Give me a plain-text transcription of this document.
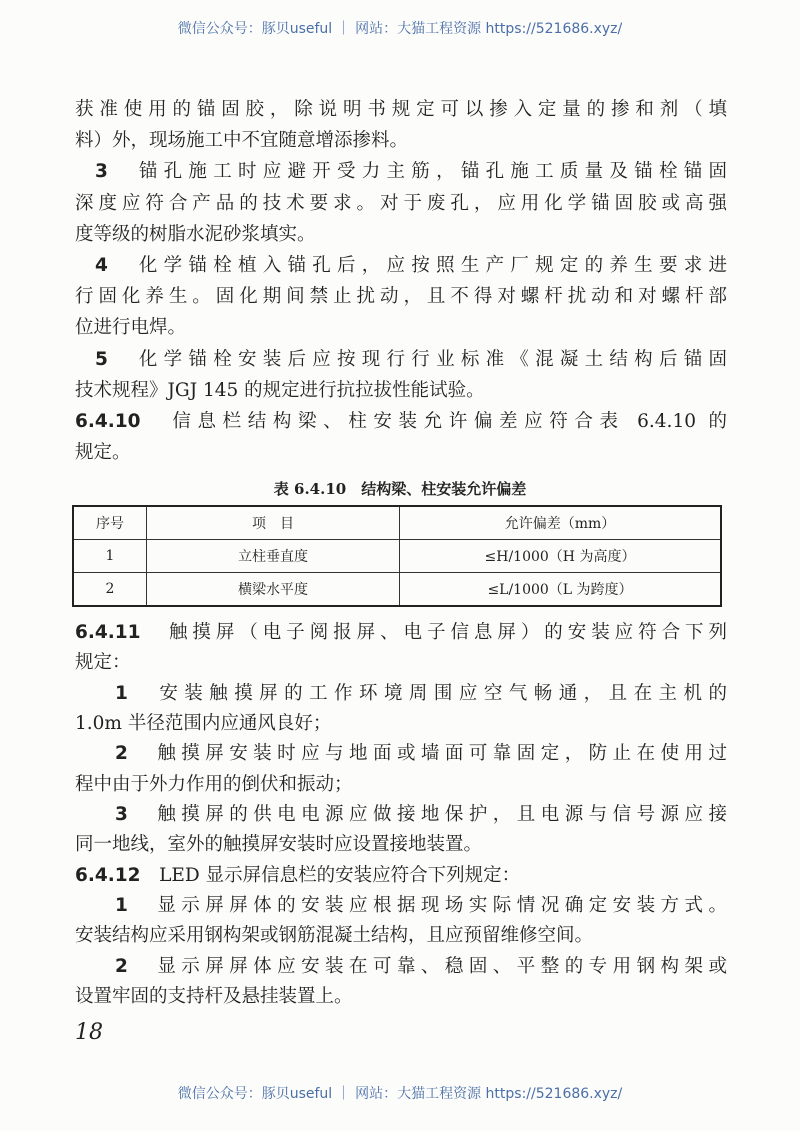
微信公众号：豚贝useful ｜ 网站：大猫工程资源 https://521686.xyz/
获准使用的锚固胶，除说明书规定可以掺入定量的掺和剂（填
料）外，现场施工中不宜随意增添掺料。
3　 锚孔施工时应避开受力主筋，锚孔施工质量及锚栓锚固
深度应符合产品的技术要求。对于废孔，应用化学锚固胶或高强
度等级的树脂水泥砂浆填实。
4　 化学锚栓植入锚孔后，应按照生产厂规定的养生要求进
行固化养生。固化期间禁止扰动，且不得对螺杆扰动和对螺杆部
位进行电焊。
5　 化学锚栓安装后应按现行行业标准《混凝土结构后锚固
技术规程》JGJ 145 的规定进行抗拉拔性能试验。
6.4.10　 信息栏结构梁、柱安装允许偏差应符合表 6.4.10 的
规定。
表 6.4.10　结构梁、柱安装允许偏差
序号	项　目	允许偏差（mm）
1	立柱垂直度	≤H/1000（H 为高度）
2	横梁水平度	≤L/1000（L 为跨度）
6.4.11　 触摸屏（电子阅报屏、电子信息屏）的安装应符合下列
规定：
1　 安装触摸屏的工作环境周围应空气畅通，且在主机的
1.0m 半径范围内应通风良好；
2　 触摸屏安装时应与地面或墙面可靠固定，防止在使用过
程中由于外力作用的倒伏和振动；
3　 触摸屏的供电电源应做接地保护，且电源与信号源应接
同一地线，室外的触摸屏安装时应设置接地装置。
6.4.12　 LED 显示屏信息栏的安装应符合下列规定：
1　 显示屏屏体的安装应根据现场实际情况确定安装方式。
安装结构应采用钢构架或钢筋混凝土结构，且应预留维修空间。
2　 显示屏屏体应安装在可靠、稳固、平整的专用钢构架或
设置牢固的支持杆及悬挂装置上。
18
微信公众号：豚贝useful ｜ 网站：大猫工程资源 https://521686.xyz/
